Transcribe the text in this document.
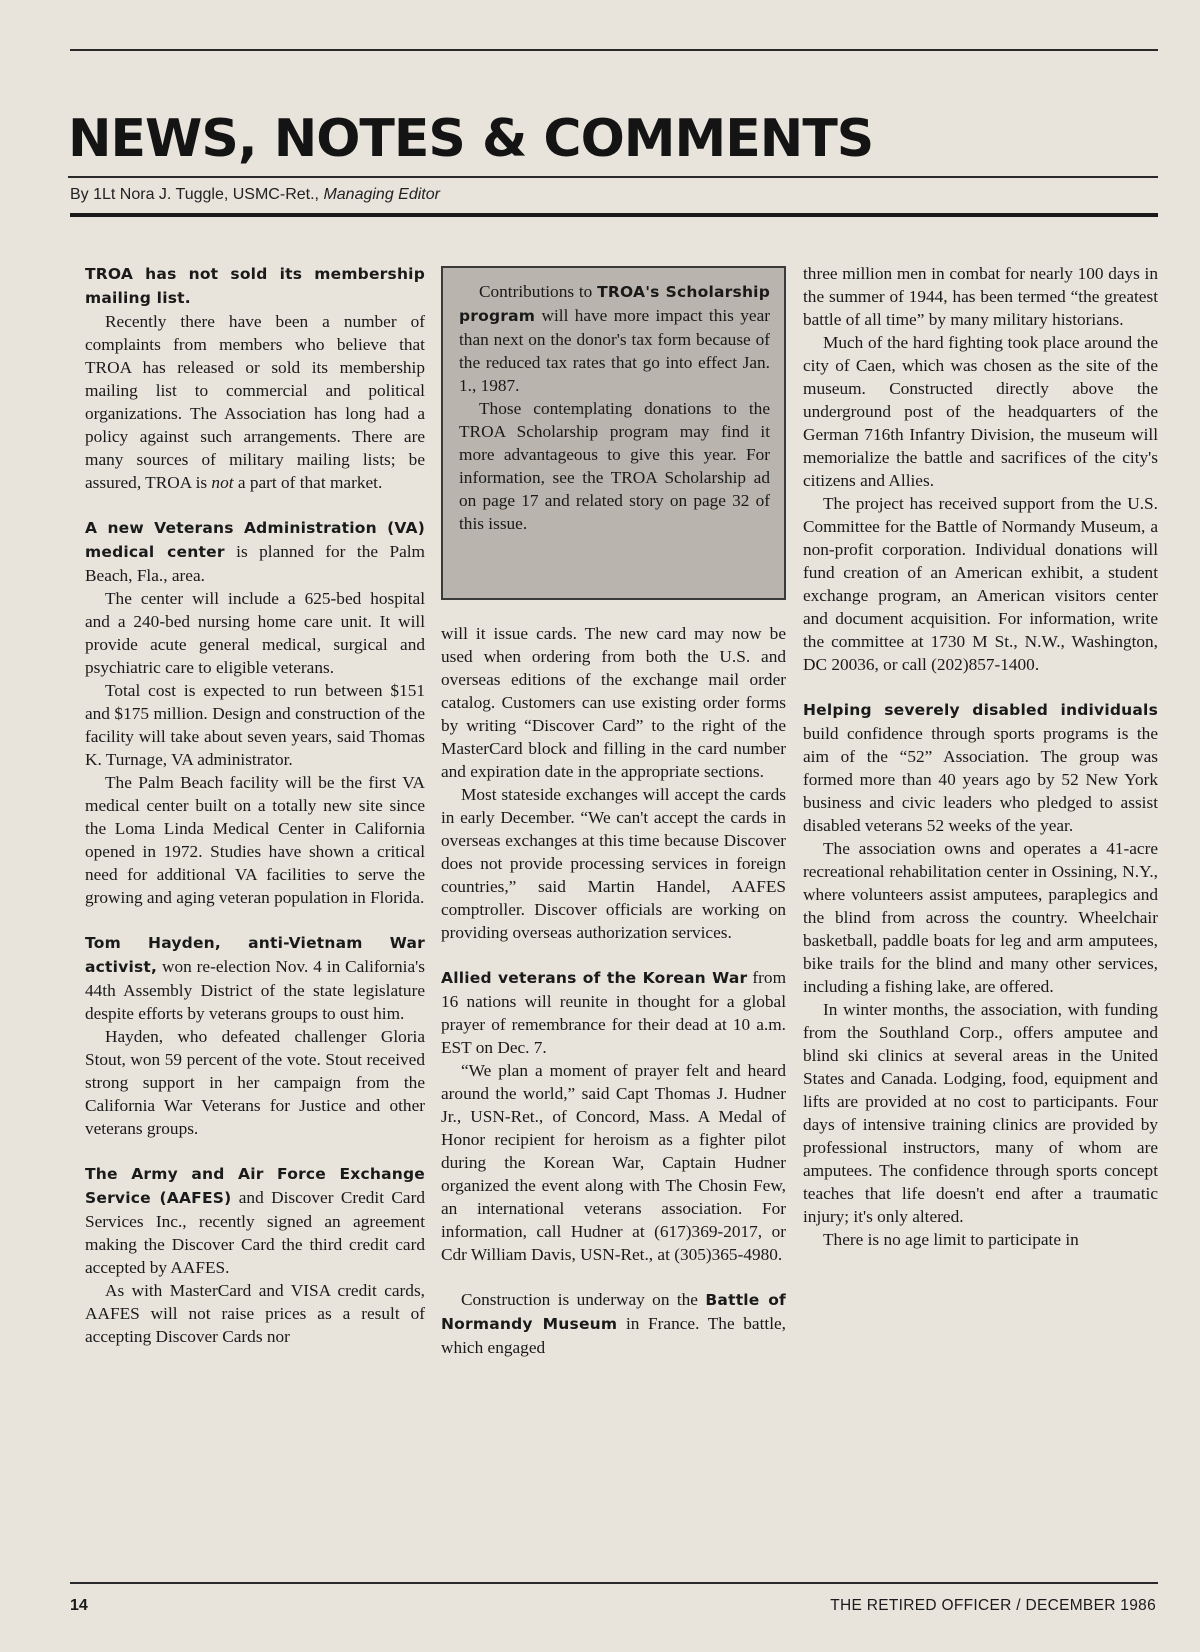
NEWS, NOTES & COMMENTS
By 1Lt Nora J. Tuggle, USMC-Ret., Managing Editor

TROA has not sold its membership mailing list.

Recently there have been a number of complaints from members who believe that TROA has released or sold its membership mailing list to commercial and political organizations. The Association has long had a policy against such arrangements. There are many sources of military mailing lists; be assured, TROA is not a part of that market.

A new Veterans Administration (VA) medical center is planned for the Palm Beach, Fla., area.

The center will include a 625-bed hospital and a 240-bed nursing home care unit. It will provide acute general medical, surgical and psychiatric care to eligible veterans.

Total cost is expected to run between $151 and $175 million. Design and construction of the facility will take about seven years, said Thomas K. Turnage, VA administrator.

The Palm Beach facility will be the first VA medical center built on a totally new site since the Loma Linda Medical Center in California opened in 1972. Studies have shown a critical need for additional VA facilities to serve the growing and aging veteran population in Florida.

Tom Hayden, anti-Vietnam War activist, won re-election Nov. 4 in California's 44th Assembly District of the state legislature despite efforts by veterans groups to oust him.

Hayden, who defeated challenger Gloria Stout, won 59 percent of the vote. Stout received strong support in her campaign from the California War Veterans for Justice and other veterans groups.

The Army and Air Force Exchange Service (AAFES) and Discover Credit Card Services Inc., recently signed an agreement making the Discover Card the third credit card accepted by AAFES.

As with MasterCard and VISA credit cards, AAFES will not raise prices as a result of accepting Discover Cards nor

Contributions to TROA's Scholarship program will have more impact this year than next on the donor's tax form because of the reduced tax rates that go into effect Jan. 1., 1987.

Those contemplating donations to the TROA Scholarship program may find it more advantageous to give this year. For information, see the TROA Scholarship ad on page 17 and related story on page 32 of this issue.

will it issue cards. The new card may now be used when ordering from both the U.S. and overseas editions of the exchange mail order catalog. Customers can use existing order forms by writing “Discover Card” to the right of the MasterCard block and filling in the card number and expiration date in the appropriate sections.

Most stateside exchanges will accept the cards in early December. “We can't accept the cards in overseas exchanges at this time because Discover does not provide processing services in foreign countries,” said Martin Handel, AAFES comptroller. Discover officials are working on providing overseas authorization services.

Allied veterans of the Korean War from 16 nations will reunite in thought for a global prayer of remembrance for their dead at 10 a.m. EST on Dec. 7.

“We plan a moment of prayer felt and heard around the world,” said Capt Thomas J. Hudner Jr., USN-Ret., of Concord, Mass. A Medal of Honor recipient for heroism as a fighter pilot during the Korean War, Captain Hudner organized the event along with The Chosin Few, an international veterans association. For information, call Hudner at (617)369-2017, or Cdr William Davis, USN-Ret., at (305)365-4980.

Construction is underway on the Battle of Normandy Museum in France. The battle, which engaged

three million men in combat for nearly 100 days in the summer of 1944, has been termed “the greatest battle of all time” by many military historians.

Much of the hard fighting took place around the city of Caen, which was chosen as the site of the museum. Constructed directly above the underground post of the headquarters of the German 716th Infantry Division, the museum will memorialize the battle and sacrifices of the city's citizens and Allies.

The project has received support from the U.S. Committee for the Battle of Normandy Museum, a non-profit corporation. Individual donations will fund creation of an American exhibit, a student exchange program, an American visitors center and document acquisition. For information, write the committee at 1730 M St., N.W., Washington, DC 20036, or call (202)857-1400.

Helping severely disabled individuals build confidence through sports programs is the aim of the “52” Association. The group was formed more than 40 years ago by 52 New York business and civic leaders who pledged to assist disabled veterans 52 weeks of the year.

The association owns and operates a 41-acre recreational rehabilitation center in Ossining, N.Y., where volunteers assist amputees, paraplegics and the blind from across the country. Wheelchair basketball, paddle boats for leg and arm amputees, bike trails for the blind and many other services, including a fishing lake, are offered.

In winter months, the association, with funding from the Southland Corp., offers amputee and blind ski clinics at several areas in the United States and Canada. Lodging, food, equipment and lifts are provided at no cost to participants. Four days of intensive training clinics are provided by professional instructors, many of whom are amputees. The confidence through sports concept teaches that life doesn't end after a traumatic injury; it's only altered.

There is no age limit to participate in

14	THE RETIRED OFFICER / DECEMBER 1986
